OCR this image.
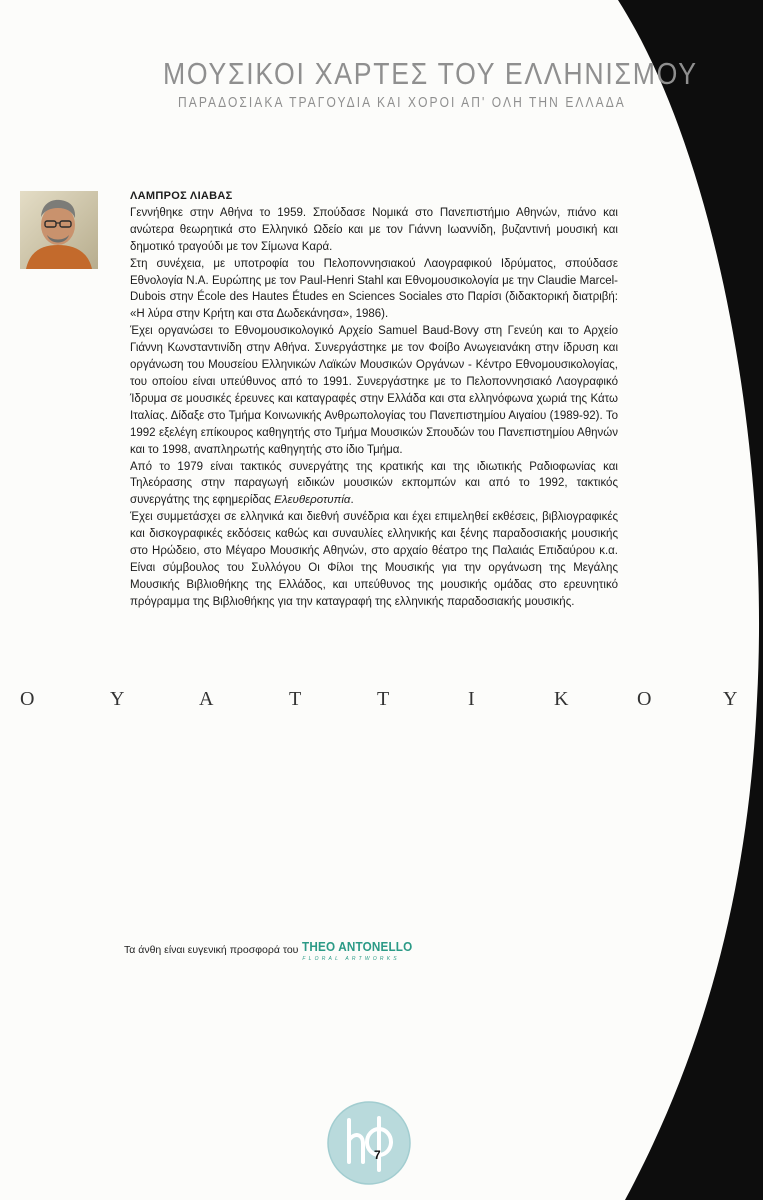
ΜΟΥΣΙΚΟΙ ΧΑΡΤΕΣ ΤΟΥ ΕΛΛΗΝΙΣΜΟΥ
ΠΑΡΑΔΟΣΙΑΚΑ ΤΡΑΓΟΥΔΙΑ ΚΑΙ ΧΟΡΟΙ ΑΠ' ΟΛΗ ΤΗΝ ΕΛΛΑΔΑ
ΛΑΜΠΡΟΣ ΛΙΑΒΑΣ

Γεννήθηκε στην Αθήνα το 1959. Σπούδασε Νομικά στο Πανεπιστήμιο Αθηνών, πιάνο και ανώτερα θεωρητικά στο Ελληνικό Ωδείο και με τον Γιάννη Ιωαννίδη, βυζαντινή μουσική και δημοτικό τραγούδι με τον Σίμωνα Καρά.

Στη συνέχεια, με υποτροφία του Πελοποννησιακού Λαογραφικού Ιδρύματος, σπούδασε Εθνολογία Ν.Α. Ευρώπης με τον Paul-Henri Stahl και Εθνομουσικολογία με την Claudie Marcel-Dubois στην École des Hautes Études en Sciences Sociales στο Παρίσι (διδακτορική διατριβή: «Η λύρα στην Κρήτη και στα Δωδεκάνησα», 1986).

Έχει οργανώσει το Εθνομουσικολογικό Αρχείο Samuel Baud-Bovy στη Γενεύη και το Αρχείο Γιάννη Κωνσταντινίδη στην Αθήνα. Συνεργάστηκε με τον Φοίβο Ανωγειανάκη στην ίδρυση και οργάνωση του Μουσείου Ελληνικών Λαϊκών Μουσικών Οργάνων - Κέντρο Εθνομουσικολογίας, του οποίου είναι υπεύθυνος από το 1991. Συνεργάστηκε με το Πελοποννησιακό Λαογραφικό Ίδρυμα σε μουσικές έρευνες και καταγραφές στην Ελλάδα και στα ελληνόφωνα χωριά της Κάτω Ιταλίας. Δίδαξε στο Τμήμα Κοινωνικής Ανθρωπολογίας του Πανεπιστημίου Αιγαίου (1989-92). Το 1992 εξελέγη επίκουρος καθηγητής στο Τμήμα Μουσικών Σπουδών του Πανεπιστημίου Αθηνών και το 1998, αναπληρωτής καθηγητής στο ίδιο Τμήμα.

Από το 1979 είναι τακτικός συνεργάτης της κρατικής και της ιδιωτικής Ραδιοφωνίας και Τηλεόρασης στην παραγωγή ειδικών μουσικών εκπομπών και από το 1992, τακτικός συνεργάτης της εφημερίδας Ελευθεροτυπία.

Έχει συμμετάσχει σε ελληνικά και διεθνή συνέδρια και έχει επιμεληθεί εκθέσεις, βιβλιογραφικές και δισκογραφικές εκδόσεις καθώς και συναυλίες ελληνικής και ξένης παραδοσιακής μουσικής στο Ηρώδειο, στο Μέγαρο Μουσικής Αθηνών, στο αρχαίο θέατρο της Παλαιάς Επιδαύρου κ.α. Είναι σύμβουλος του Συλλόγου Οι Φίλοι της Μουσικής για την οργάνωση της Μεγάλης Μουσικής Βιβλιοθήκης της Ελλάδος, και υπεύθυνος της μουσικής ομάδας στο ερευνητικό πρόγραμμα της Βιβλιοθήκης για την καταγραφή της ελληνικής παραδοσιακής μουσικής.

Ο	Υ	Α	Τ	Τ	Ι	Κ	Ο	Υ
Τα άνθη είναι ευγενική προσφορά του THEO ANTONELLO
FLORAL ARTWORKS
7
